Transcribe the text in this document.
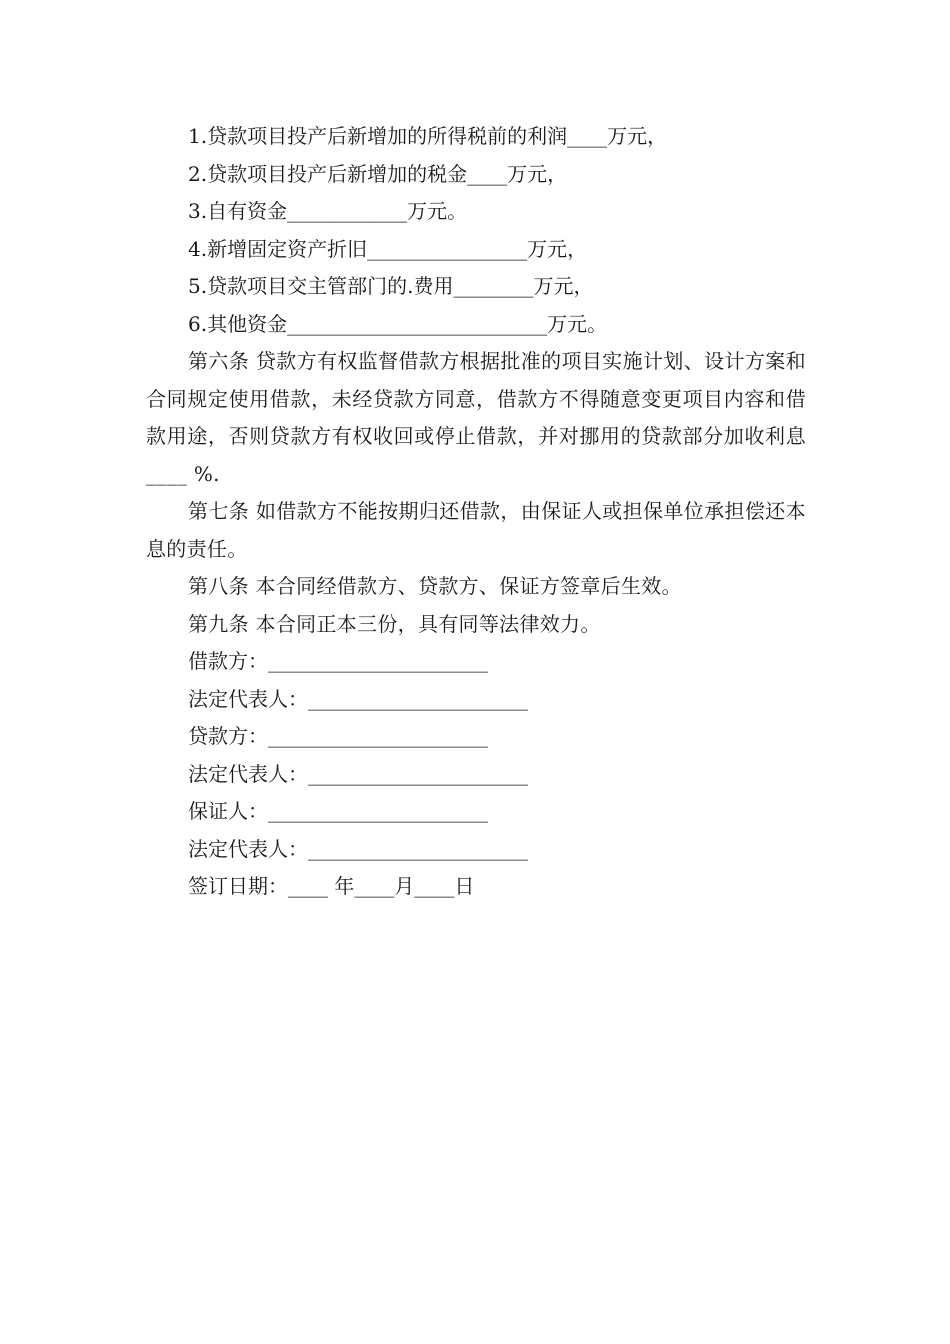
1.贷款项目投产后新增加的所得税前的利润____万元，

2.贷款项目投产后新增加的税金____万元，

3.自有资金____________万元。

4.新增固定资产折旧________________万元，

5.贷款项目交主管部门的.费用________万元，

6.其他资金__________________________万元。

第六条 贷款方有权监督借款方根据批准的项目实施计划、设计方案和合同规定使用借款，未经贷款方同意，借款方不得随意变更项目内容和借款用途，否则贷款方有权收回或停止借款，并对挪用的贷款部分加收利息____ %.

第七条 如借款方不能按期归还借款，由保证人或担保单位承担偿还本息的责任。

第八条 本合同经借款方、贷款方、保证方签章后生效。

第九条 本合同正本三份，具有同等法律效力。

借款方：______________________

法定代表人：______________________

贷款方：______________________

法定代表人：______________________

保证人：______________________

法定代表人：______________________

签订日期：____ 年____月____日
